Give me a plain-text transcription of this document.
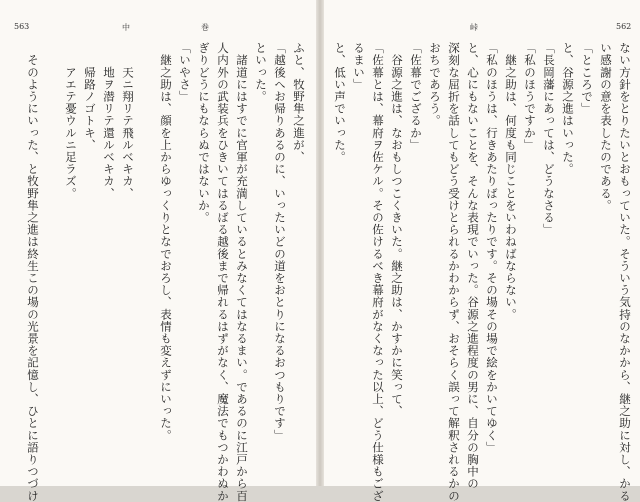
563	中	巻
ふと、牧野隼之進が、
「越後へお帰りあるのに、いったいどの道をおとりになるおつもりです」
といった。
　諸道にはすでに官軍が充満しているとみなくてはなるまい。であるのに江戸から百
人内外の武装兵をひきいてはるばる越後まで帰れるはずがなく、魔法でもつかわぬか
ぎりどうにもならぬではないか。
「いやさ」
　継之助は、顔を上からゆっくりとなでおろし、表情も変えずにいった。

　　天ニ翔リテ飛ルベキカ、
　　地ヲ潜リテ還ルベキカ、
　　帰路ノゴトキ、
　　アエテ憂ウルニ足ラズ。

　そのようにいった、と牧野隼之進は終生この場の光景を記憶し、ひとに語りつづけ
峠	562
ない方針をとりたいとおもっていた。そういう気持のなかから、継之助に対し、かる
い感謝の意を表したのである。
「ところで」
と、谷源之進はいった。
「長岡藩にあっては、どうなさる」
「私のほうですか」
　継之助は、何度も同じことをいわねばならない。
「私のほうは、行きあたりばったりです。その場その場で絵をかいてゆく」
と、心にもないことを、そんな表現でいった。谷源之進程度の男に、自分の胸中の
深刻な屈折を話してもどう受けとられるかわからず、おそらく誤って解釈されるかの
おちであろう。
「佐幕でござるか」
　谷源之進は、なおもしつこくきいた。継之助は、かすかに笑って、
「佐幕とは、幕府ヲ佐ケル。その佐けるべき幕府がなくなった以上、どう仕様もござ
るまい」
と、低い声でいった。
